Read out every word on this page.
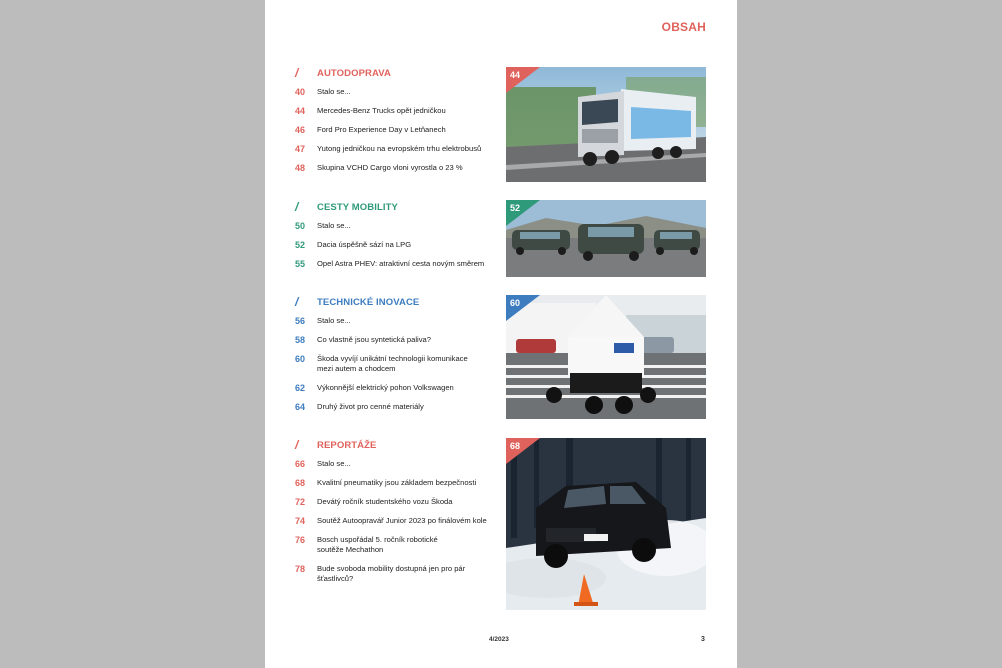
OBSAH
/	AUTODOPRAVA
40	Stalo se...
44	Mercedes-Benz Trucks opět jedničkou
46	Ford Pro Experience Day v Letňanech
47	Yutong jedničkou na evropském trhu elektrobusů
48	Skupina VCHD Cargo vloni vyrostla o 23 %
44
/	CESTY MOBILITY
50	Stalo se...
52	Dacia úspěšně sází na LPG
55	Opel Astra PHEV: atraktivní cesta novým směrem
52
/	TECHNICKÉ INOVACE
56	Stalo se...
58	Co vlastně jsou syntetická paliva?
60	Škoda vyvíjí unikátní technologii komunikace
mezi autem a chodcem
62	Výkonnější elektrický pohon Volkswagen
64	Druhý život pro cenné materiály
60
/	REPORTÁŽE
66	Stalo se...
68	Kvalitní pneumatiky jsou základem bezpečnosti
72	Devátý ročník studentského vozu Škoda
74	Soutěž Autoopravář Junior 2023 po finálovém kole
76	Bosch uspořádal 5. ročník robotické
soutěže Mechathon
78	Bude svoboda mobility dostupná jen pro pár šťastlivců?
68
4/2023	3
